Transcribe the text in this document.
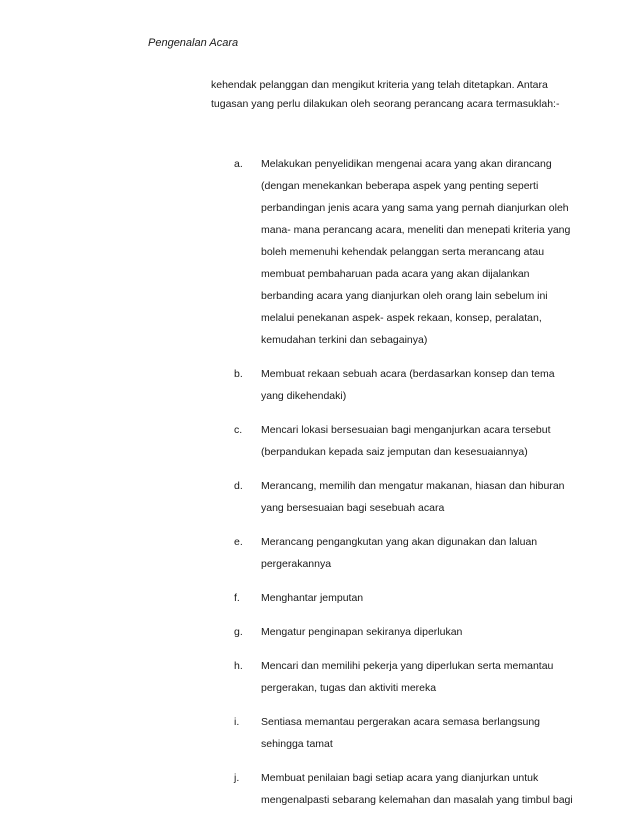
Pengenalan Acara
kehendak pelanggan dan mengikut kriteria yang telah ditetapkan. Antara
tugasan yang perlu dilakukan oleh seorang perancang acara termasuklah:-
a.	Melakukan penyelidikan mengenai acara yang akan dirancang (dengan menekankan beberapa aspek yang penting seperti perbandingan jenis acara yang sama yang pernah dianjurkan oleh mana- mana perancang acara, meneliti dan menepati kriteria yang boleh memenuhi kehendak pelanggan serta merancang atau membuat pembaharuan pada acara yang akan dijalankan berbanding acara yang dianjurkan oleh orang lain sebelum ini melalui penekanan aspek- aspek rekaan, konsep, peralatan, kemudahan terkini dan sebagainya)
b.	Membuat rekaan sebuah acara (berdasarkan konsep dan tema yang dikehendaki)
c.	Mencari lokasi bersesuaian bagi menganjurkan acara tersebut (berpandukan kepada saiz jemputan dan kesesuaiannya)
d.	Merancang, memilih dan mengatur makanan, hiasan dan hiburan yang bersesuaian bagi sesebuah acara
e.	Merancang pengangkutan yang akan digunakan dan laluan pergerakannya
f.	Menghantar jemputan
g.	Mengatur penginapan sekiranya diperlukan
h.	Mencari dan memilihi pekerja yang diperlukan serta memantau pergerakan, tugas dan aktiviti mereka
i.	Sentiasa memantau pergerakan acara semasa berlangsung sehingga tamat
j.	Membuat penilaian bagi setiap acara yang dianjurkan untuk mengenalpasti sebarang kelemahan dan masalah yang timbul bagi
